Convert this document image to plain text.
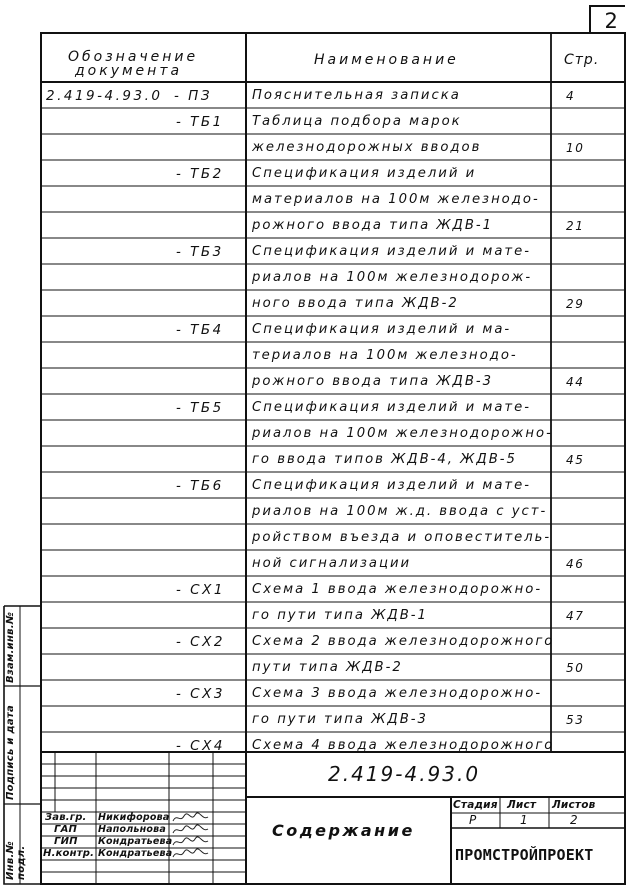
2
Обозначение
документа
Наименование	Стр.
2.419-4.93.0 - ПЗ	Пояснительная записка	4
- ТБ1 Таблица подбора марок
железнодорожных вводов	10
- ТБ2 Спецификация изделий и
материалов на 100м железнодо-
рожного ввода типа ЖДВ-1	21
- ТБ3 Спецификация изделий и мате-
риалов на 100м железнодорож-
ного ввода типа ЖДВ-2	29
- ТБ4 Спецификация изделий и ма-
териалов на 100м железнодо-
рожного ввода типа ЖДВ-3	44
- ТБ5 Спецификация изделий и мате-
риалов на 100м железнодорожно-
го ввода типов ЖДВ-4, ЖДВ-5	45
- ТБ6 Спецификация изделий и мате-
риалов на 100м ж.д. ввода с уст-
ройством въезда и оповеститель-
ной сигнализации	46
- СХ1 Схема 1 ввода железнодорожно-
го пути типа ЖДВ-1	47
- СХ2 Схема 2 ввода железнодорожного
пути типа ЖДВ-2	50
- СХ3 Схема 3 ввода железнодорожно-
го пути типа ЖДВ-3	53
- СХ4 Схема 4 ввода железнодорожного
Инв.№ подл.
Подпись и дата
Взам.инв.№
2.419-4.93.0
Содержание
Стадия Лист Листов
Р	1	2
ПРОМСТРОЙПРОЕКТ
Зав.гр. Никифорова
ГАП Напольнова
ГИП Кондратьева
Н.контр. Кондратьева
